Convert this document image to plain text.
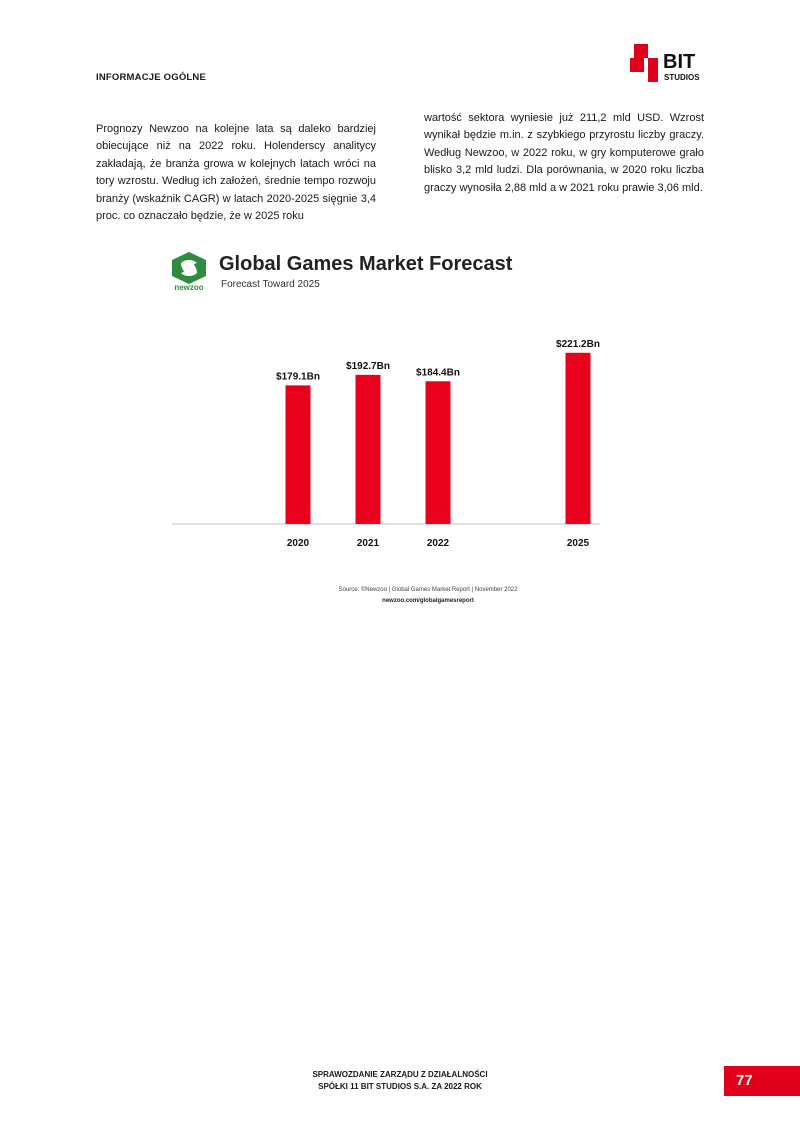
INFORMACJE OGÓLNE
BIT
STUDIOS
Prognozy Newzoo na kolejne lata są daleko bardziej obiecujące niż na 2022 roku. Holenderscy analitycy zakładają, że branża growa w kolejnych latach wróci na tory wzrostu. Według ich założeń, średnie tempo rozwoju branży (wskaźnik CAGR) w latach 2020-2025 sięgnie 3,4 proc. co oznaczało będzie, że w 2025 roku
wartość sektora wyniesie już 211,2 mld USD. Wzrost wynikał będzie m.in. z szybkiego przyrostu liczby graczy. Według Newzoo, w 2022 roku, w gry komputerowe grało blisko 3,2 mld ludzi. Dla porównania, w 2020 roku liczba graczy wynosiła 2,88 mld a w 2021 roku prawie 3,06 mld.
newzoo
Global Games Market Forecast
Forecast Toward 2025
$179.1Bn
2020
$192.7Bn
2021
$184.4Bn
2022
$221.2Bn
2025
Source: ©Newzoo | Global Games Market Report | November 2022
newzoo.com/globalgamesreport
SPRAWOZDANIE ZARZĄDU Z DZIAŁALNOŚCI
SPÓŁKI 11 BIT STUDIOS S.A. ZA 2022 ROK	77
